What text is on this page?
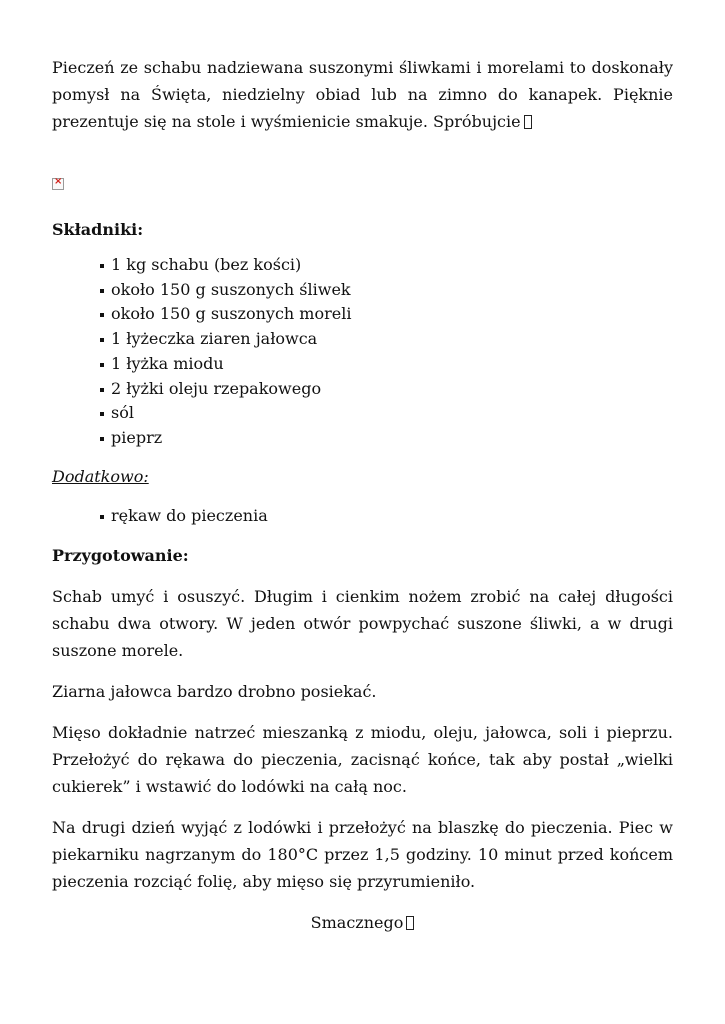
Pieczeń ze schabu nadziewana suszonymi śliwkami i morelami to doskonały pomysł na Święta, niedzielny obiad lub na zimno do kanapek. Pięknie prezentuje się na stole i wyśmienicie smakuje. Spróbujcie

×

Składniki:

1 kg schabu (bez kości)
około 150 g suszonych śliwek
około 150 g suszonych moreli
1 łyżeczka ziaren jałowca
1 łyżka miodu
2 łyżki oleju rzepakowego
sól
pieprz

Dodatkowo:

rękaw do pieczenia

Przygotowanie:

Schab umyć i osuszyć. Długim i cienkim nożem zrobić na całej długości schabu dwa otwory. W jeden otwór powpychać suszone śliwki, a w drugi suszone morele.

Ziarna jałowca bardzo drobno posiekać.

Mięso dokładnie natrzeć mieszanką z miodu, oleju, jałowca, soli i pieprzu. Przełożyć do rękawa do pieczenia, zacisnąć końce, tak aby postał „wielki cukierek” i wstawić do lodówki na całą noc.

Na drugi dzień wyjąć z lodówki i przełożyć na blaszkę do pieczenia. Piec w piekarniku nagrzanym do 180°C przez 1,5 godziny. 10 minut przed końcem pieczenia rozciąć folię, aby mięso się przyrumieniło.

Smacznego
